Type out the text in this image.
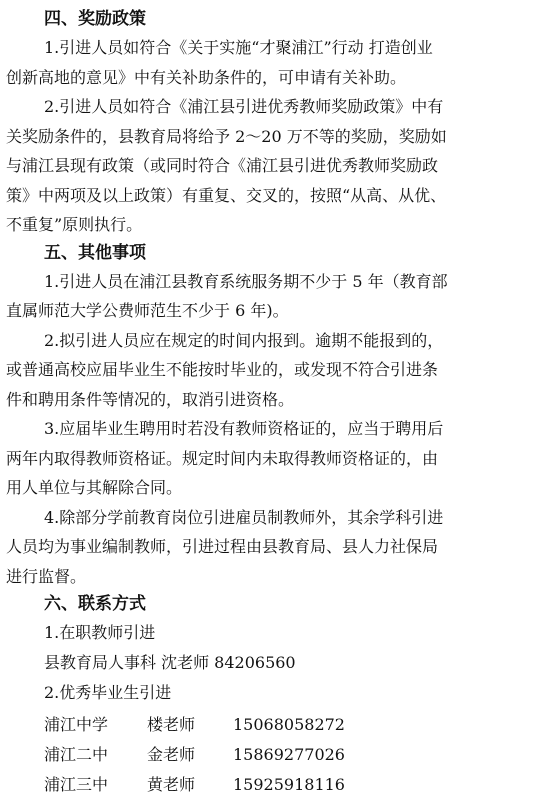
四、奖励政策
1.引进人员如符合《关于实施“才聚浦江”行动 打造创业
创新高地的意见》中有关补助条件的，可申请有关补助。
2.引进人员如符合《浦江县引进优秀教师奖励政策》中有
关奖励条件的，县教育局将给予 2～20 万不等的奖励，奖励如
与浦江县现有政策（或同时符合《浦江县引进优秀教师奖励政
策》中两项及以上政策）有重复、交叉的，按照“从高、从优、
不重复”原则执行。
五、其他事项
1.引进人员在浦江县教育系统服务期不少于 5 年（教育部
直属师范大学公费师范生不少于 6 年)。
2.拟引进人员应在规定的时间内报到。逾期不能报到的，
或普通高校应届毕业生不能按时毕业的，或发现不符合引进条
件和聘用条件等情况的，取消引进资格。
3.应届毕业生聘用时若没有教师资格证的，应当于聘用后
两年内取得教师资格证。规定时间内未取得教师资格证的，由
用人单位与其解除合同。
4.除部分学前教育岗位引进雇员制教师外，其余学科引进
人员均为事业编制教师，引进过程由县教育局、县人力社保局
进行监督。
六、联系方式
1.在职教师引进
县教育局人事科 沈老师 84206560
2.优秀毕业生引进
浦江中学 楼老师 15068058272
浦江二中 金老师 15869277026
浦江三中 黄老师 15925918116
